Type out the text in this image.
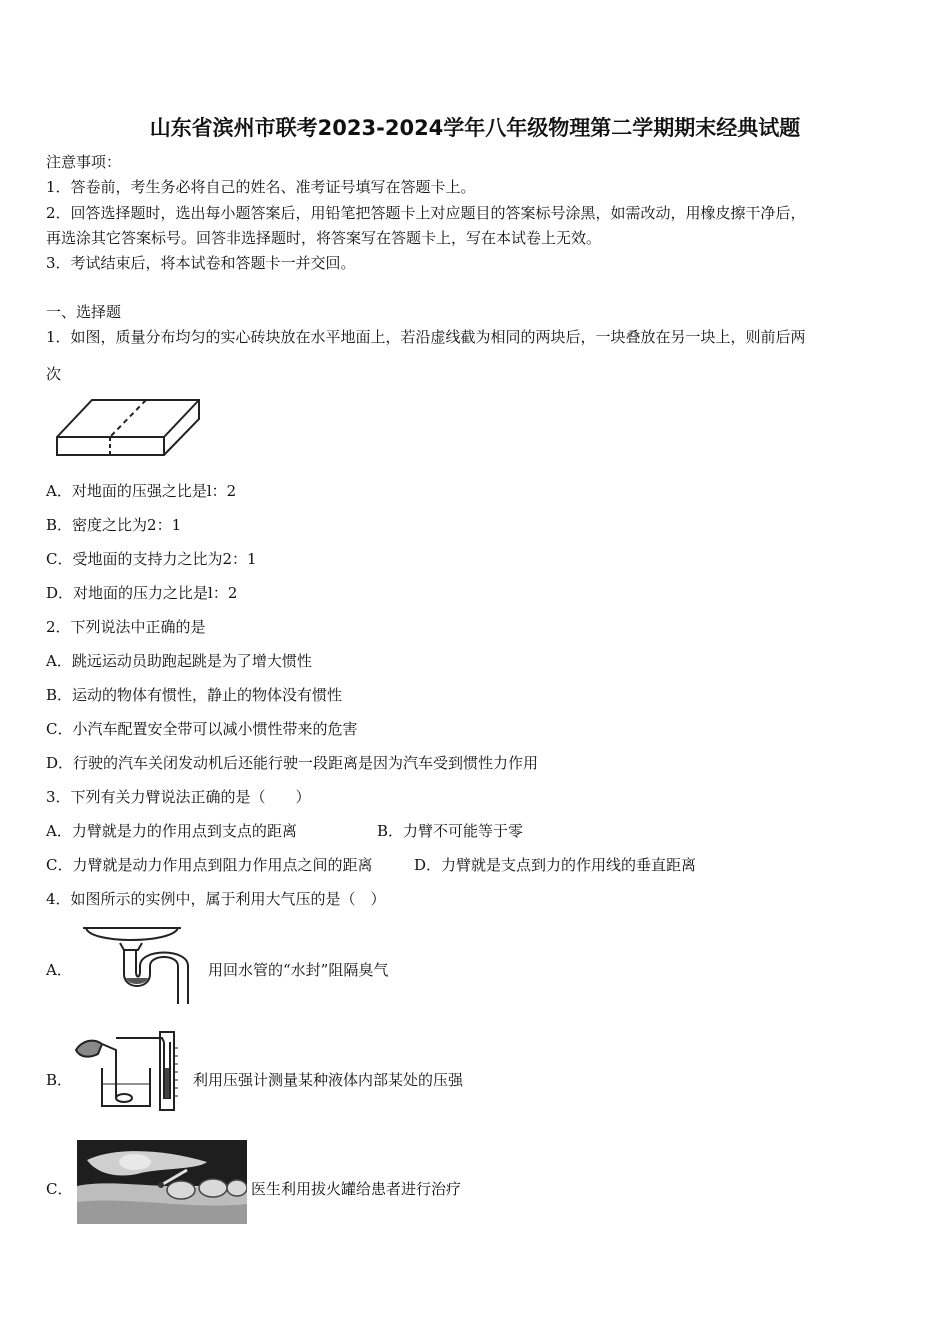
山东省滨州市联考2023-2024学年八年级物理第二学期期末经典试题
注意事项：
1．答卷前，考生务必将自己的姓名、准考证号填写在答题卡上。
2．回答选择题时，选出每小题答案后，用铅笔把答题卡上对应题目的答案标号涂黑，如需改动，用橡皮擦干净后，
再选涂其它答案标号。回答非选择题时，将答案写在答题卡上，写在本试卷上无效。
3．考试结束后，将本试卷和答题卡一并交回。
一、选择题
1．如图，质量分布均匀的实心砖块放在水平地面上，若沿虚线截为相同的两块后，一块叠放在另一块上，则前后两
次
A．对地面的压强之比是l：2
B．密度之比为2：1
C．受地面的支持力之比为2：1
D．对地面的压力之比是l：2
2．下列说法中正确的是
A．跳远运动员助跑起跳是为了增大惯性
B．运动的物体有惯性，静止的物体没有惯性
C．小汽车配置安全带可以减小惯性带来的危害
D．行驶的汽车关闭发动机后还能行驶一段距离是因为汽车受到惯性力作用
3．下列有关力臂说法正确的是（　　）
A．力臂就是力的作用点到支点的距离	B．力臂不可能等于零
C．力臂就是动力作用点到阻力作用点之间的距离	D．力臂就是支点到力的作用线的垂直距离
4．如图所示的实例中，属于利用大气压的是（　）
A．	用回水管的“水封”阻隔臭气
B．	利用压强计测量某种液体内部某处的压强
C．	医生利用拔火罐给患者进行治疗
